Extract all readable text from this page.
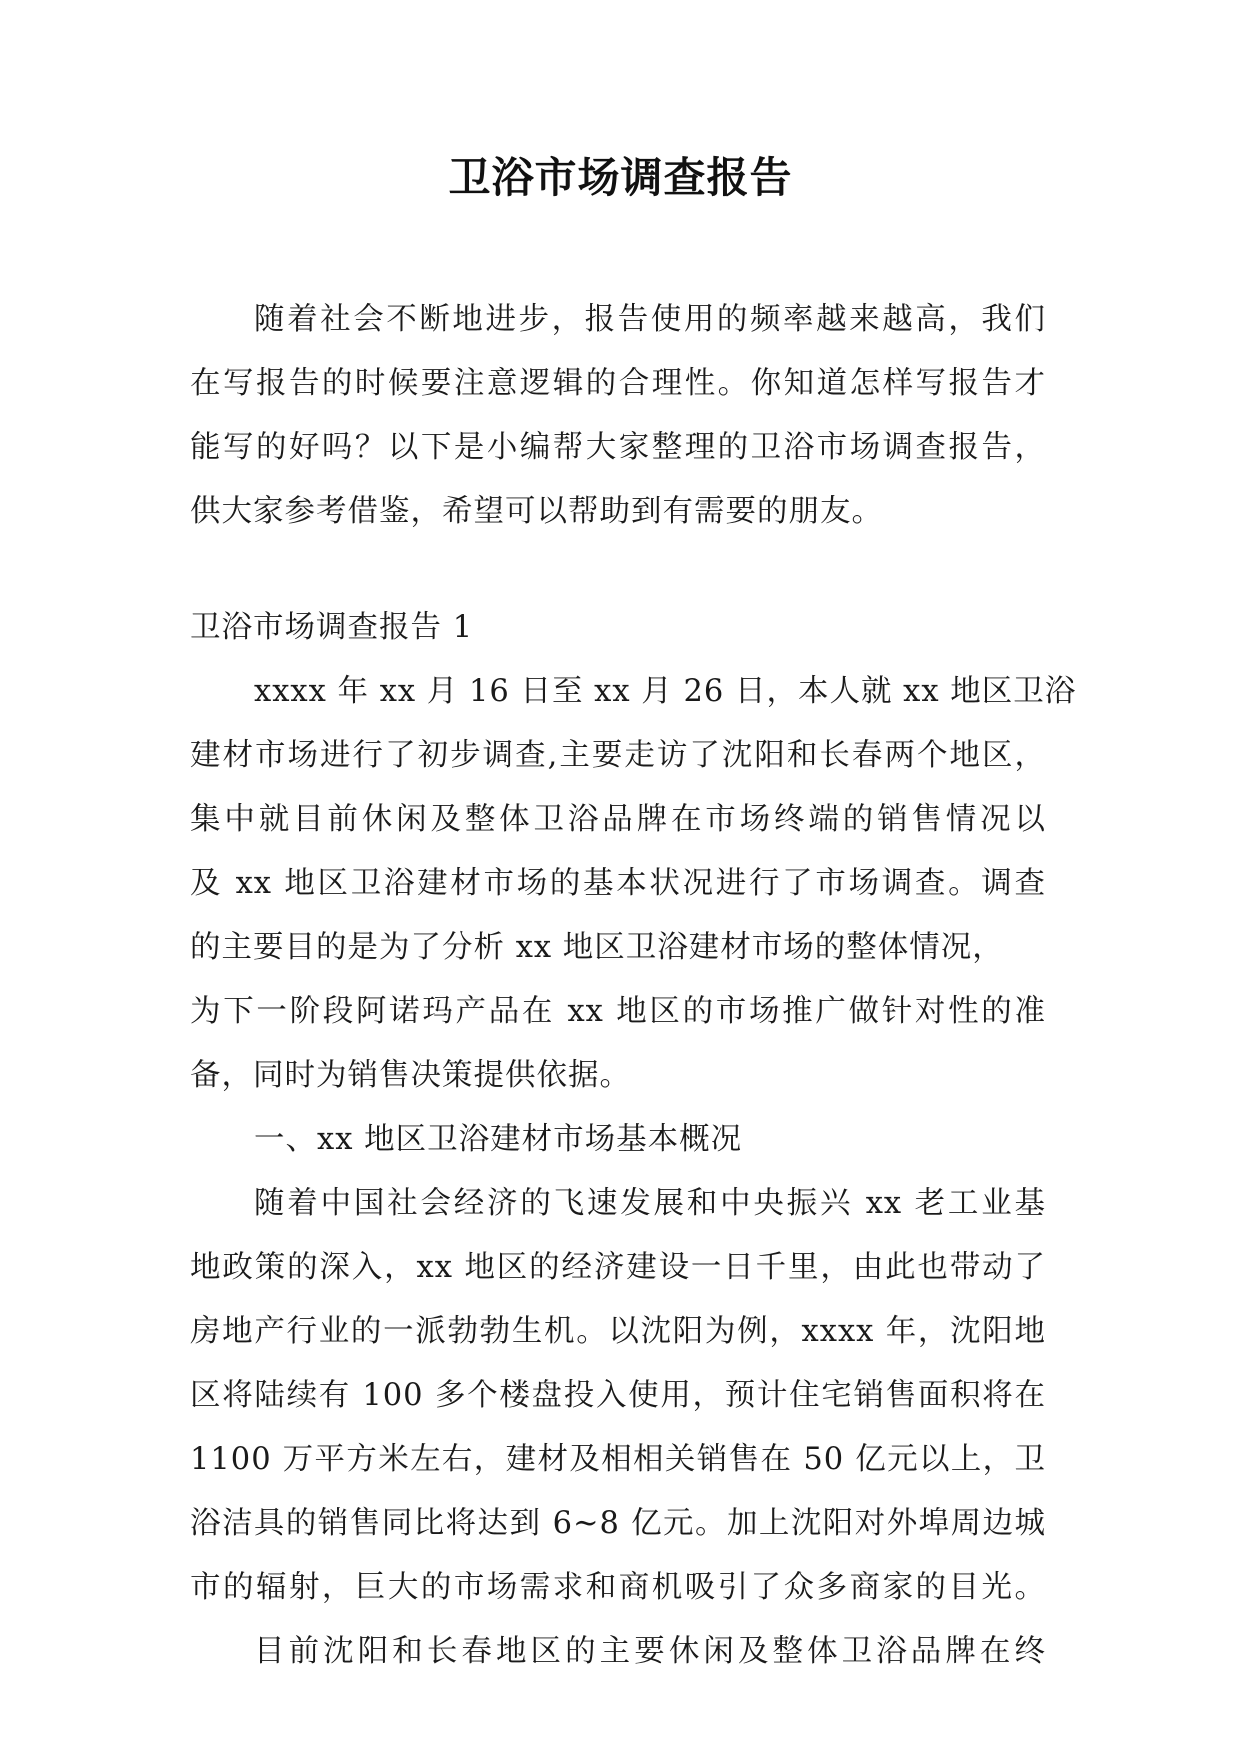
卫浴市场调查报告
随着社会不断地进步，报告使用的频率越来越高，我们
在写报告的时候要注意逻辑的合理性。你知道怎样写报告才
能写的好吗？以下是小编帮大家整理的卫浴市场调查报告，
供大家参考借鉴，希望可以帮助到有需要的朋友。
卫浴市场调查报告 1
xxxx 年 xx 月 16 日至 xx 月 26 日，本人就 xx 地区卫浴
建材市场进行了初步调查,主要走访了沈阳和长春两个地区，
集中就目前休闲及整体卫浴品牌在市场终端的销售情况以
及 xx 地区卫浴建材市场的基本状况进行了市场调查。调查
的主要目的是为了分析 xx 地区卫浴建材市场的整体情况，
为下一阶段阿诺玛产品在 xx 地区的市场推广做针对性的准
备，同时为销售决策提供依据。
一、xx 地区卫浴建材市场基本概况
随着中国社会经济的飞速发展和中央振兴 xx 老工业基
地政策的深入，xx 地区的经济建设一日千里，由此也带动了
房地产行业的一派勃勃生机。以沈阳为例，xxxx 年，沈阳地
区将陆续有 100 多个楼盘投入使用，预计住宅销售面积将在
1100 万平方米左右，建材及相相关销售在 50 亿元以上，卫
浴洁具的销售同比将达到 6~8 亿元。加上沈阳对外埠周边城
市的辐射，巨大的市场需求和商机吸引了众多商家的目光。
目前沈阳和长春地区的主要休闲及整体卫浴品牌在终
